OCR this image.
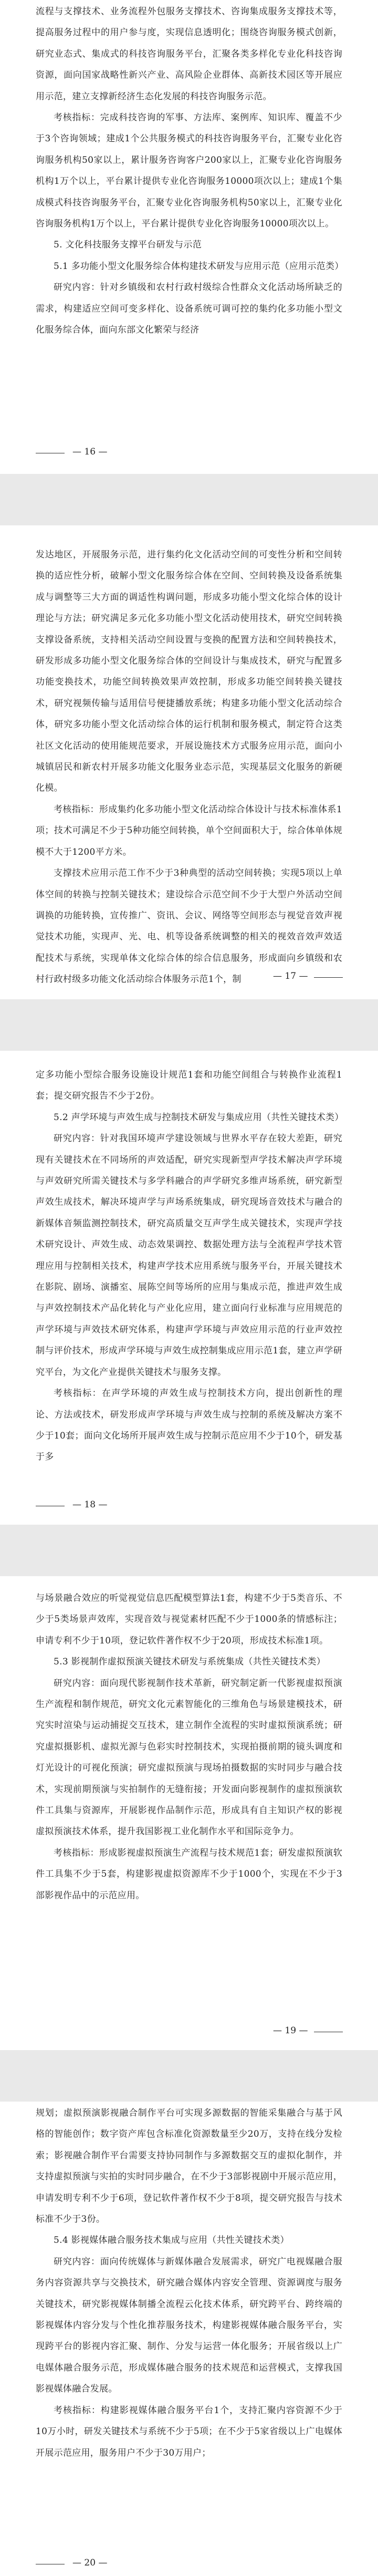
流程与支撑技术、业务流程外包服务支撑技术、咨询集成服务支撑技术等，提高服务过程中的用户参与度，实现信息透明化；围绕咨询服务模式创新，研究业态式、集成式的科技咨询服务平台，汇聚各类多样化专业化科技咨询资源，面向国家战略性新兴产业、高风险企业群体、高新技术园区等开展应用示范，建立支撑新经济生态化发展的科技咨询服务示范。

考核指标：完成科技咨询的军事、方法库、案例库、知识库、覆盖不少于3个咨询领域；建成1个公共服务模式的科技咨询服务平台，汇聚专业化咨询服务机构50家以上，累计服务咨询客户200家以上，汇聚专业化咨询服务机构1万个以上，平台累计提供专业化咨询服务10000项次以上；建成1个集成模式科技咨询服务平台，汇聚专业化咨询服务机构50家以上，汇聚专业化咨询服务机构1万个以上，平台累计提供专业化咨询服务10000项次以上。

5. 文化科技服务支撑平台研发与示范

5.1 多功能小型文化服务综合体构建技术研发与应用示范（应用示范类）

研究内容：针对乡镇级和农村行政村级综合性群众文化活动场所缺乏的需求，构建适应空间可变多样化、设备系统可调可控的集约化多功能小型文化服务综合体，面向东部文化繁荣与经济

— 16 —

发达地区，开展服务示范，进行集约化文化活动空间的可变性分析和空间转换的适应性分析，破解小型文化服务综合体在空间、空间转换及设备系统集成与调整等三大方面的调适性构调问题，形成多功能小型文化综合体的设计理论与方法；研究满足多元化多功能小型文化活动使用技术，研究空间转换支撑设备系统，支持相关活动空间设置与变换的配置方法和空间转换技术，研发形成多功能小型文化服务综合体的空间设计与集成技术，研究与配置多功能变换技术，功能空间转换效果声效控制，形成多功能空间转换关键技术，研究视频传输与适用信号便捷播放系统；构建多功能小型文化活动综合体，研究多功能小型文化活动综合体的运行机制和服务模式，制定符合这类社区文化活动的使用能规范要求，开展设施技术方式服务应用示范，面向小城镇居民和新农村开展多功能文化服务业态示范，实现基层文化服务的新硬化模。

考核指标：形成集约化多功能小型文化活动综合体设计与技术标准体系1项；技术可满足不少于5种功能空间转换，单个空间面积大于，综合体单体规模不大于1200平方米。

支撑技术应用示范工作不少于3种典型的活动空间转换；实现5项以上单体空间的转换与控制关键技术；建设综合示范空间不少于大型户外活动空间调换的功能转换，宣传推广、资讯、会议、网络等空间形态与视觉音效声视觉技术功能，实现声、光、电、机等设备系统调整的相关的视效音效声效适配技术与系统，实现单体文化综合体的综合信息服务，形成面向乡镇级和农村行政村级多功能文化活动综合体服务示范1个，制	— 17 —

定多功能小型综合服务设施设计规范1套和功能空间组合与转换作业流程1套；提交研究报告不少于2份。

5.2 声学环境与声效生成与控制技术研发与集成应用（共性关键技术类）

研究内容：针对我国环境声学建设领域与世界水平存在较大差距，研究现有关键技术在不同场所的声效适配，研究实现新型声学技术解决声学环境与声效研究所需关键技术与多学科融合的声学研究多维声场系统，研究新型声效生成技术，解决环境声学与声场系统集成，研究现场音效技术与融合的新媒体音频监测控制技术，研究高质量交互声学生成关键技术，实现声学技术研究设计、声效生成、动态效果调控、数据处理方法与全流程声学技术管理应用与控制相关技术，构建声学技术应用系统与服务平台，开展关键技术在影院、剧场、演播室、展陈空间等场所的应用与集成示范，推进声效生成与声效控制技术产品化转化与产业化应用，建立面向行业标准与应用规范的声学环境与声效技术研究体系，构建声学环境与声效应用示范的行业声效控制与评价技术，形成声学环境与声效生成控制集成应用示范1套，建立声学研究平台，为文化产业提供关键技术与服务支撑。

考核指标：在声学环境的声效生成与控制技术方向，提出创新性的理论、方法或技术，研发形成声学环境与声效生成与控制的系统及解决方案不少于10套；面向文化场所开展声效生成与控制示范应用不少于10个，研发基于多

— 18 —

与场景融合效应的听觉视觉信息匹配模型算法1套，构建不少于5类音乐、不少于5类场景声效库，实现音效与视觉素材匹配不少于1000条的情感标注；申请专利不少于10项，登记软件著作权不少于20项，形成技术标准1项。

5.3 影视制作虚拟预演关键技术研发与系统集成（共性关键技术类）

研究内容：面向现代影视制作技术革新，研究制定新一代影视虚拟预演生产流程和制作规范，研究文化元素智能化的三维角色与场景建模技术，研究实时渲染与运动捕捉交互技术，建立制作全流程的实时虚拟预演系统；研究虚拟摄影机、虚拟光源与色彩实时控制技术，实现拍摄前期的镜头调度和灯光设计的可视化预演；研究虚拟预演与现场拍摄数据的实时同步与融合技术，实现前期预演与实拍制作的无缝衔接；开发面向影视制作的虚拟预演软件工具集与资源库，开展影视作品制作示范，形成具有自主知识产权的影视虚拟预演技术体系，提升我国影视工业化制作水平和国际竞争力。

考核指标：形成影视虚拟预演生产流程与技术规范1套；研发虚拟预演软件工具集不少于5套，构建影视虚拟资源库不少于1000个，实现在不少于3部影视作品中的示范应用。

— 19 —

规划；虚拟预演影视融合制作平台可实现多源数据的智能采集融合与基于风格的智能创作；数字资产库包含标准化资源数量至少20万，支持在线分发检索；影视融合制作平台需要支持协同制作与多源数据交互的虚拟化制作，并支持虚拟预演与实拍的实时同步融合，在不少于3部影视剧中开展示范应用，申请发明专利不少于6项，登记软件著作权不少于8项，提交研究报告与技术标准不少于3份。

5.4 影视媒体融合服务技术集成与应用（共性关键技术类）

研究内容：面向传统媒体与新媒体融合发展需求，研究广电视媒融合服务内容资源共享与交换技术，研究融合媒体内容安全管理、资源调度与服务关键技术，研究影视媒体制播全流程云化技术体系，研究跨平台、跨终端的影视媒体内容分发与个性化推荐服务技术，构建影视媒体融合服务平台，实现跨平台的影视内容汇聚、制作、分发与运营一体化服务；开展省级以上广电媒体融合服务示范，形成媒体融合服务的技术规范和运营模式，支撑我国影视媒体融合发展。

考核指标：构建影视媒体融合服务平台1个，支持汇聚内容资源不少于10万小时，研发关键技术与系统不少于5项；在不少于5家省级以上广电媒体开展示范应用，服务用户不少于30万用户；

— 20 —
